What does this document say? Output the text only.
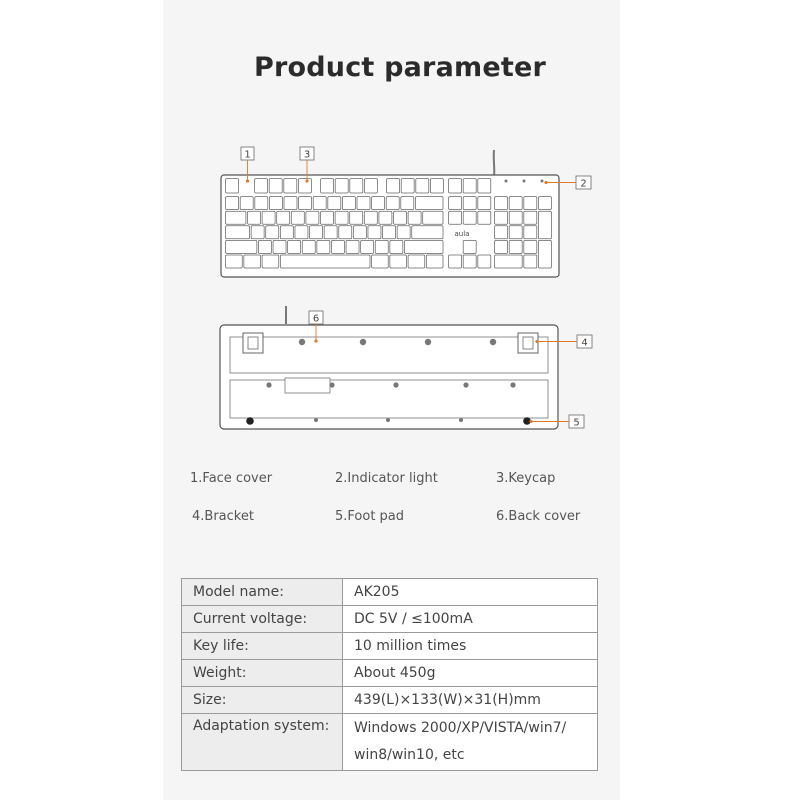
Product parameter
aula
1	3
2
6
4
5
1.Face cover	2.Indicator light	3.Keycap
4.Bracket	5.Foot pad	6.Back cover
Model name:	AK205
Current voltage:	DC 5V / ≤100mA
Key life:	10 million times
Weight:	About 450g
Size:	439(L)×133(W)×31(H)mm
Adaptation system:	Windows 2000/XP/VISTA/win7/ win8/win10, etc
